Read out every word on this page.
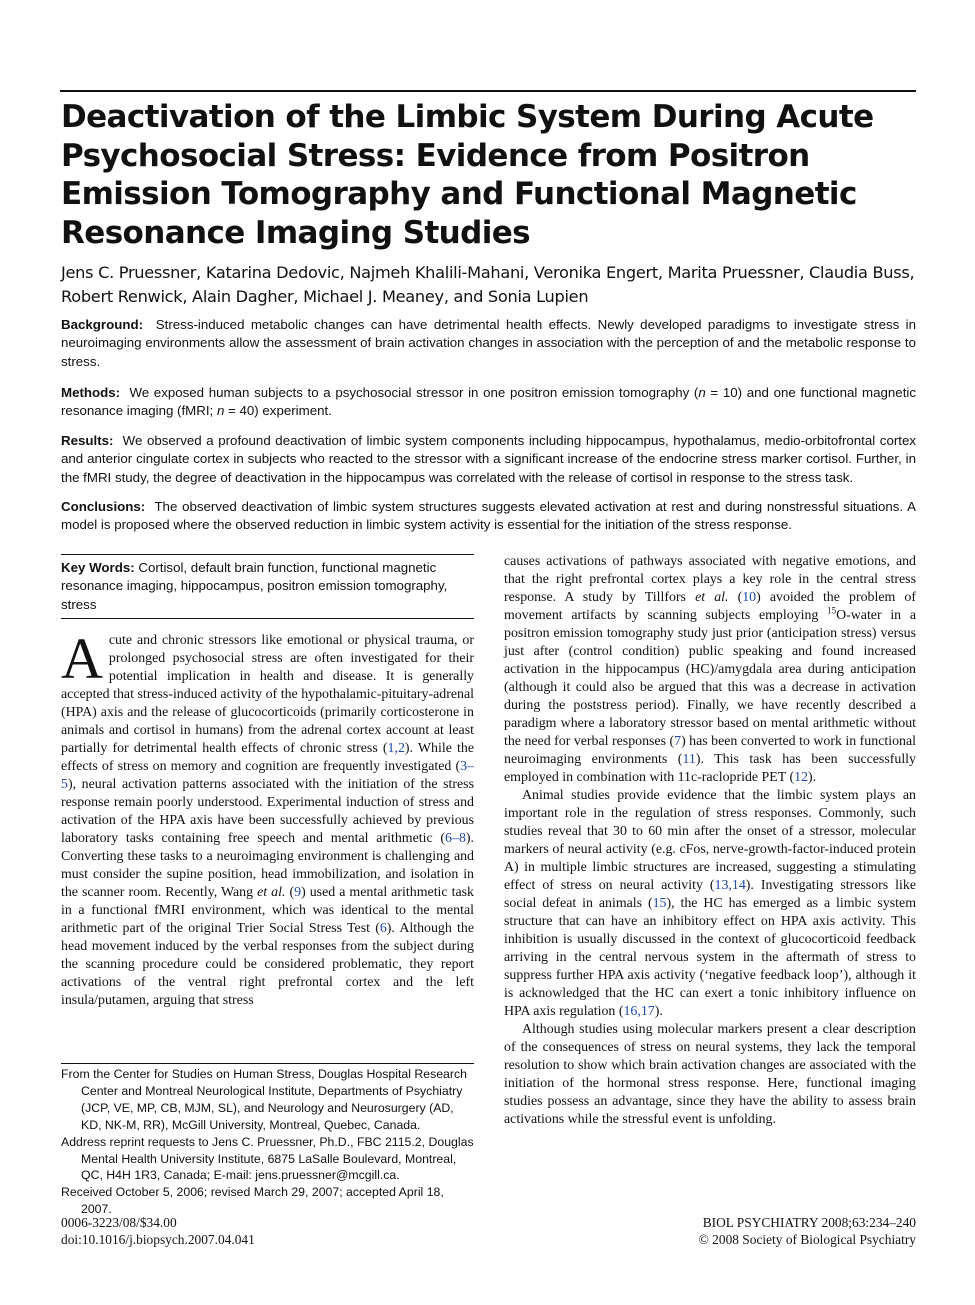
Deactivation of the Limbic System During Acute Psychosocial Stress: Evidence from Positron Emission Tomography and Functional Magnetic Resonance Imaging Studies
Jens C. Pruessner, Katarina Dedovic, Najmeh Khalili-Mahani, Veronika Engert, Marita Pruessner, Claudia Buss, Robert Renwick, Alain Dagher, Michael J. Meaney, and Sonia Lupien

Background: Stress-induced metabolic changes can have detrimental health effects. Newly developed paradigms to investigate stress in neuroimaging environments allow the assessment of brain activation changes in association with the perception of and the metabolic response to stress.

Methods: We exposed human subjects to a psychosocial stressor in one positron emission tomography (n = 10) and one functional magnetic resonance imaging (fMRI; n = 40) experiment.

Results: We observed a profound deactivation of limbic system components including hippocampus, hypothalamus, medio-orbitofrontal cortex and anterior cingulate cortex in subjects who reacted to the stressor with a significant increase of the endocrine stress marker cortisol. Further, in the fMRI study, the degree of deactivation in the hippocampus was correlated with the release of cortisol in response to the stress task.

Conclusions: The observed deactivation of limbic system structures suggests elevated activation at rest and during nonstressful situations. A model is proposed where the observed reduction in limbic system activity is essential for the initiation of the stress response.

Key Words: Cortisol, default brain function, functional magnetic resonance imaging, hippocampus, positron emission tomography, stress

Acute and chronic stressors like emotional or physical trauma, or prolonged psychosocial stress are often investigated for their potential implication in health and disease. It is generally accepted that stress-induced activity of the hypothalamic-pituitary-adrenal (HPA) axis and the release of glucocorticoids (primarily corticosterone in animals and cortisol in humans) from the adrenal cortex account at least partially for detrimental health effects of chronic stress (1,2). While the effects of stress on memory and cognition are frequently investigated (3–5), neural activation patterns associated with the initiation of the stress response remain poorly understood. Experimental induction of stress and activation of the HPA axis have been successfully achieved by previous laboratory tasks containing free speech and mental arithmetic (6–8). Converting these tasks to a neuroimaging environment is challenging and must consider the supine position, head immobilization, and isolation in the scanner room. Recently, Wang et al. (9) used a mental arithmetic task in a functional fMRI environment, which was identical to the mental arithmetic part of the original Trier Social Stress Test (6). Although the head movement induced by the verbal responses from the subject during the scanning procedure could be considered problematic, they report activations of the ventral right prefrontal cortex and the left insula/putamen, arguing that stress

causes activations of pathways associated with negative emotions, and that the right prefrontal cortex plays a key role in the central stress response. A study by Tillfors et al. (10) avoided the problem of movement artifacts by scanning subjects employing $^{15}$O-water in a positron emission tomography study just prior (anticipation stress) versus just after (control condition) public speaking and found increased activation in the hippocampus (HC)/amygdala area during anticipation (although it could also be argued that this was a decrease in activation during the poststress period). Finally, we have recently described a paradigm where a laboratory stressor based on mental arithmetic without the need for verbal responses (7) has been converted to work in functional neuroimaging environments (11). This task has been successfully employed in combination with 11c-raclopride PET (12).

Animal studies provide evidence that the limbic system plays an important role in the regulation of stress responses. Commonly, such studies reveal that 30 to 60 min after the onset of a stressor, molecular markers of neural activity (e.g. cFos, nerve-growth-factor-induced protein A) in multiple limbic structures are increased, suggesting a stimulating effect of stress on neural activity (13,14). Investigating stressors like social defeat in animals (15), the HC has emerged as a limbic system structure that can have an inhibitory effect on HPA axis activity. This inhibition is usually discussed in the context of glucocorticoid feedback arriving in the central nervous system in the aftermath of stress to suppress further HPA axis activity (‘negative feedback loop’), although it is acknowledged that the HC can exert a tonic inhibitory influence on HPA axis regulation (16,17).

Although studies using molecular markers present a clear description of the consequences of stress on neural systems, they lack the temporal resolution to show which brain activation changes are associated with the initiation of the hormonal stress response. Here, functional imaging studies possess an advantage, since they have the ability to assess brain activations while the stressful event is unfolding.

From the Center for Studies on Human Stress, Douglas Hospital Research Center and Montreal Neurological Institute, Departments of Psychiatry (JCP, VE, MP, CB, MJM, SL), and Neurology and Neurosurgery (AD, KD, NK-M, RR), McGill University, Montreal, Quebec, Canada.

Address reprint requests to Jens C. Pruessner, Ph.D., FBC 2115.2, Douglas Mental Health University Institute, 6875 LaSalle Boulevard, Montreal, QC, H4H 1R3, Canada; E-mail: jens.pruessner@mcgill.ca.

Received October 5, 2006; revised March 29, 2007; accepted April 18, 2007.

0006-3223/08/$34.00
doi:10.1016/j.biopsych.2007.04.041
BIOL PSYCHIATRY 2008;63:234–240
© 2008 Society of Biological Psychiatry
